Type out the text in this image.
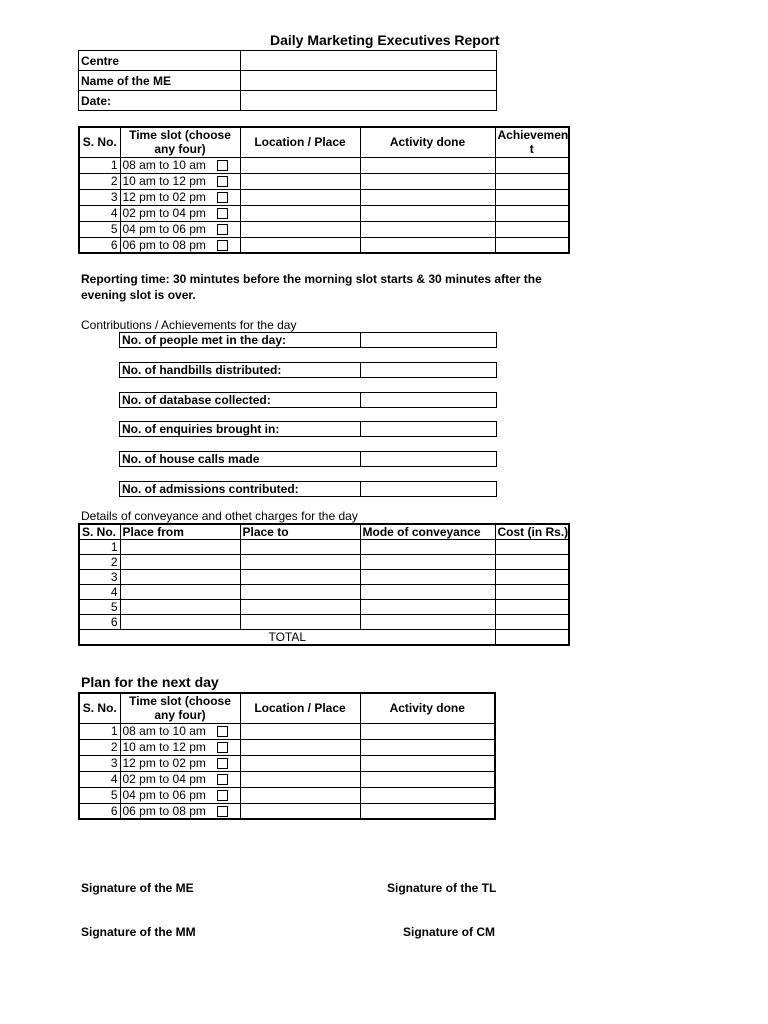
Daily Marketing Executives Report
Centre	
Name of the ME	
Date:	
S. No.	Time slot (choose any four)	Location / Place	Activity done	Achievemen t
1	08 am to 10 am

2	10 am to 12 pm

3	12 pm to 02 pm

4	02 pm to 04 pm

5	04 pm to 06 pm

6	06 pm to 08 pm

Reporting time: 30 mintutes before the morning slot starts & 30 minutes after the
evening slot is over.
Contributions / Achievements for the day
No. of people met in the day:	
No. of handbills distributed:	
No. of database collected:	
No. of enquiries brought in:	
No. of house calls made	
No. of admissions contributed:	
Details of conveyance and othet charges for the day
S. No.	Place from	Place to	Mode of conveyance	Cost (in Rs.)
1				
2				
3				
4				
5				
6				
TOTAL				
Plan for the next day
S. No.	Time slot (choose any four)	Location / Place	Activity done
1	08 am to 10 am

2	10 am to 12 pm

3	12 pm to 02 pm

4	02 pm to 04 pm

5	04 pm to 06 pm

6	06 pm to 08 pm

Signature of the ME	Signature of the TL
Signature of the MM	Signature of CM
